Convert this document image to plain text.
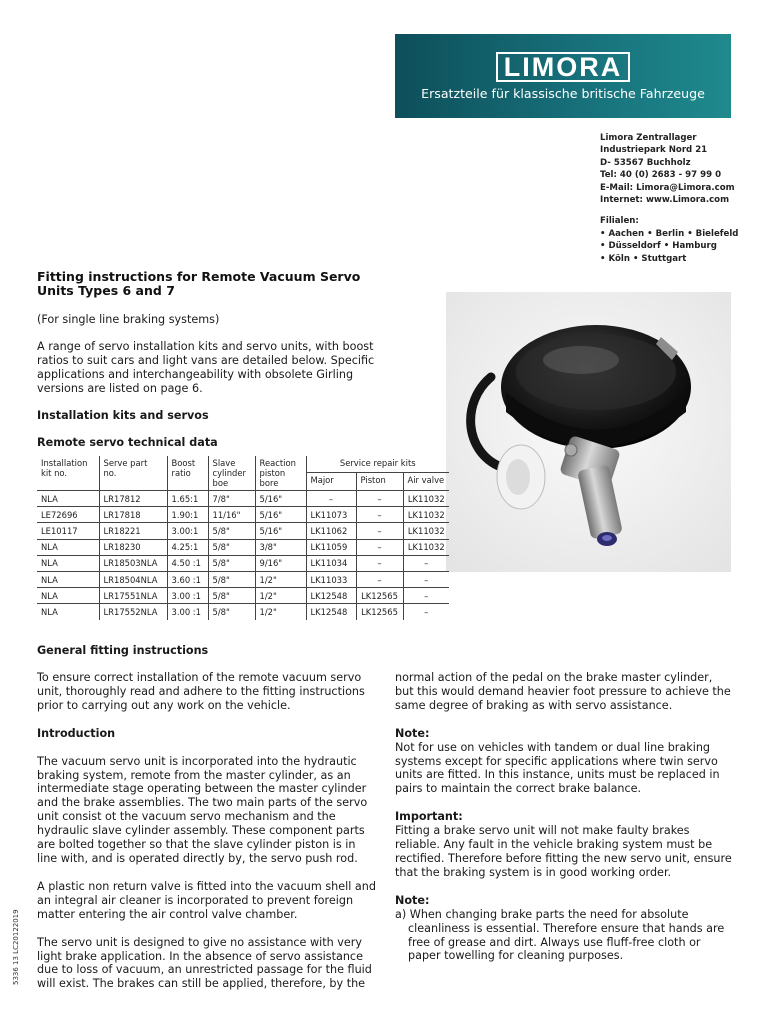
LIMORA
Ersatzteile für klassische britische Fahrzeuge
Limora Zentrallager
Industriepark Nord 21
D- 53567 Buchholz
Tel: 40 (0) 2683 - 97 99 0
E-Mail: Limora@Limora.com
Internet: www.Limora.com
Filialen:
• Aachen • Berlin • Bielefeld
• Düsseldorf • Hamburg
• Köln • Stuttgart
Fitting instructions for Remote Vacuum Servo Units Types 6 and 7
(For single line braking systems)
A range of servo installation kits and servo units, with boost ratios to suit cars and light vans are detailed below. Specific applications and interchangeability with obsolete Girling versions are listed on page 6.
Installation kits and servos
Remote servo technical data
Installation kit no.	Serve part no.	Boost ratio	Slave cylinder boe	Reaction piston bore	Service repair kits		
					Major	Piston	Air valve
NLA	LR17812	1.65:1	7/8"	5/16"	–	–	LK11032
LE72696	LR17818	1.90:1	11/16"	5/16"	LK11073	–	LK11032
LE10117	LR18221	3.00:1	5/8"	5/16"	LK11062	–	LK11032
NLA	LR18230	4.25:1	5/8"	3/8"	LK11059	–	LK11032
NLA	LR18503NLA	4.50 :1	5/8"	9/16"	LK11034	–	–
NLA	LR18504NLA	3.60 :1	5/8"	1/2"	LK11033	–	–
NLA	LR17551NLA	3.00 :1	5/8"	1/2"	LK12548	LK12565	–
NLA	LR17552NLA	3.00 :1	5/8"	1/2"	LK12548	LK12565	–
General fitting instructions

To ensure correct installation of the remote vacuum servo unit, thoroughly read and adhere to the fitting instructions prior to carrying out any work on the vehicle.

Introduction

The vacuum servo unit is incorporated into the hydrautic braking system, remote from the master cylinder, as an intermediate stage operating between the master cylinder and the brake assemblies. The two main parts of the servo unit consist ot the vacuum servo mechanism and the hydraulic slave cylinder assembly. These component parts are bolted together so that the slave cylinder piston is in line with, and is operated directly by, the servo push rod.

A plastic non return valve is fitted into the vacuum shell and an integral air cleaner is incorporated to prevent foreign matter entering the air control valve chamber.

The servo unit is designed to give no assistance with very light brake application. In the absence of servo assistance due to loss of vacuum, an unrestricted passage for the fluid will exist. The brakes can still be applied, therefore, by the

normal action of the pedal on the brake master cylinder, but this would demand heavier foot pressure to achieve the same degree of braking as with servo assistance.

Note:

Not for use on vehicles with tandem or dual line braking systems except for specific applications where twin servo units are fitted. In this instance, units must be replaced in pairs to maintain the correct brake balance.

Important:

Fitting a brake servo unit will not make faulty brakes reliable. Any fault in the vehicle braking system must be rectified. Therefore before fitting the new servo unit, ensure that the braking system is in good working order.

Note:

a) When changing brake parts the need for absolute cleanliness is essential. Therefore ensure that hands are free of grease and dirt. Always use fluff-free cloth or paper towelling for cleaning purposes.

5336 13 LC20122019
